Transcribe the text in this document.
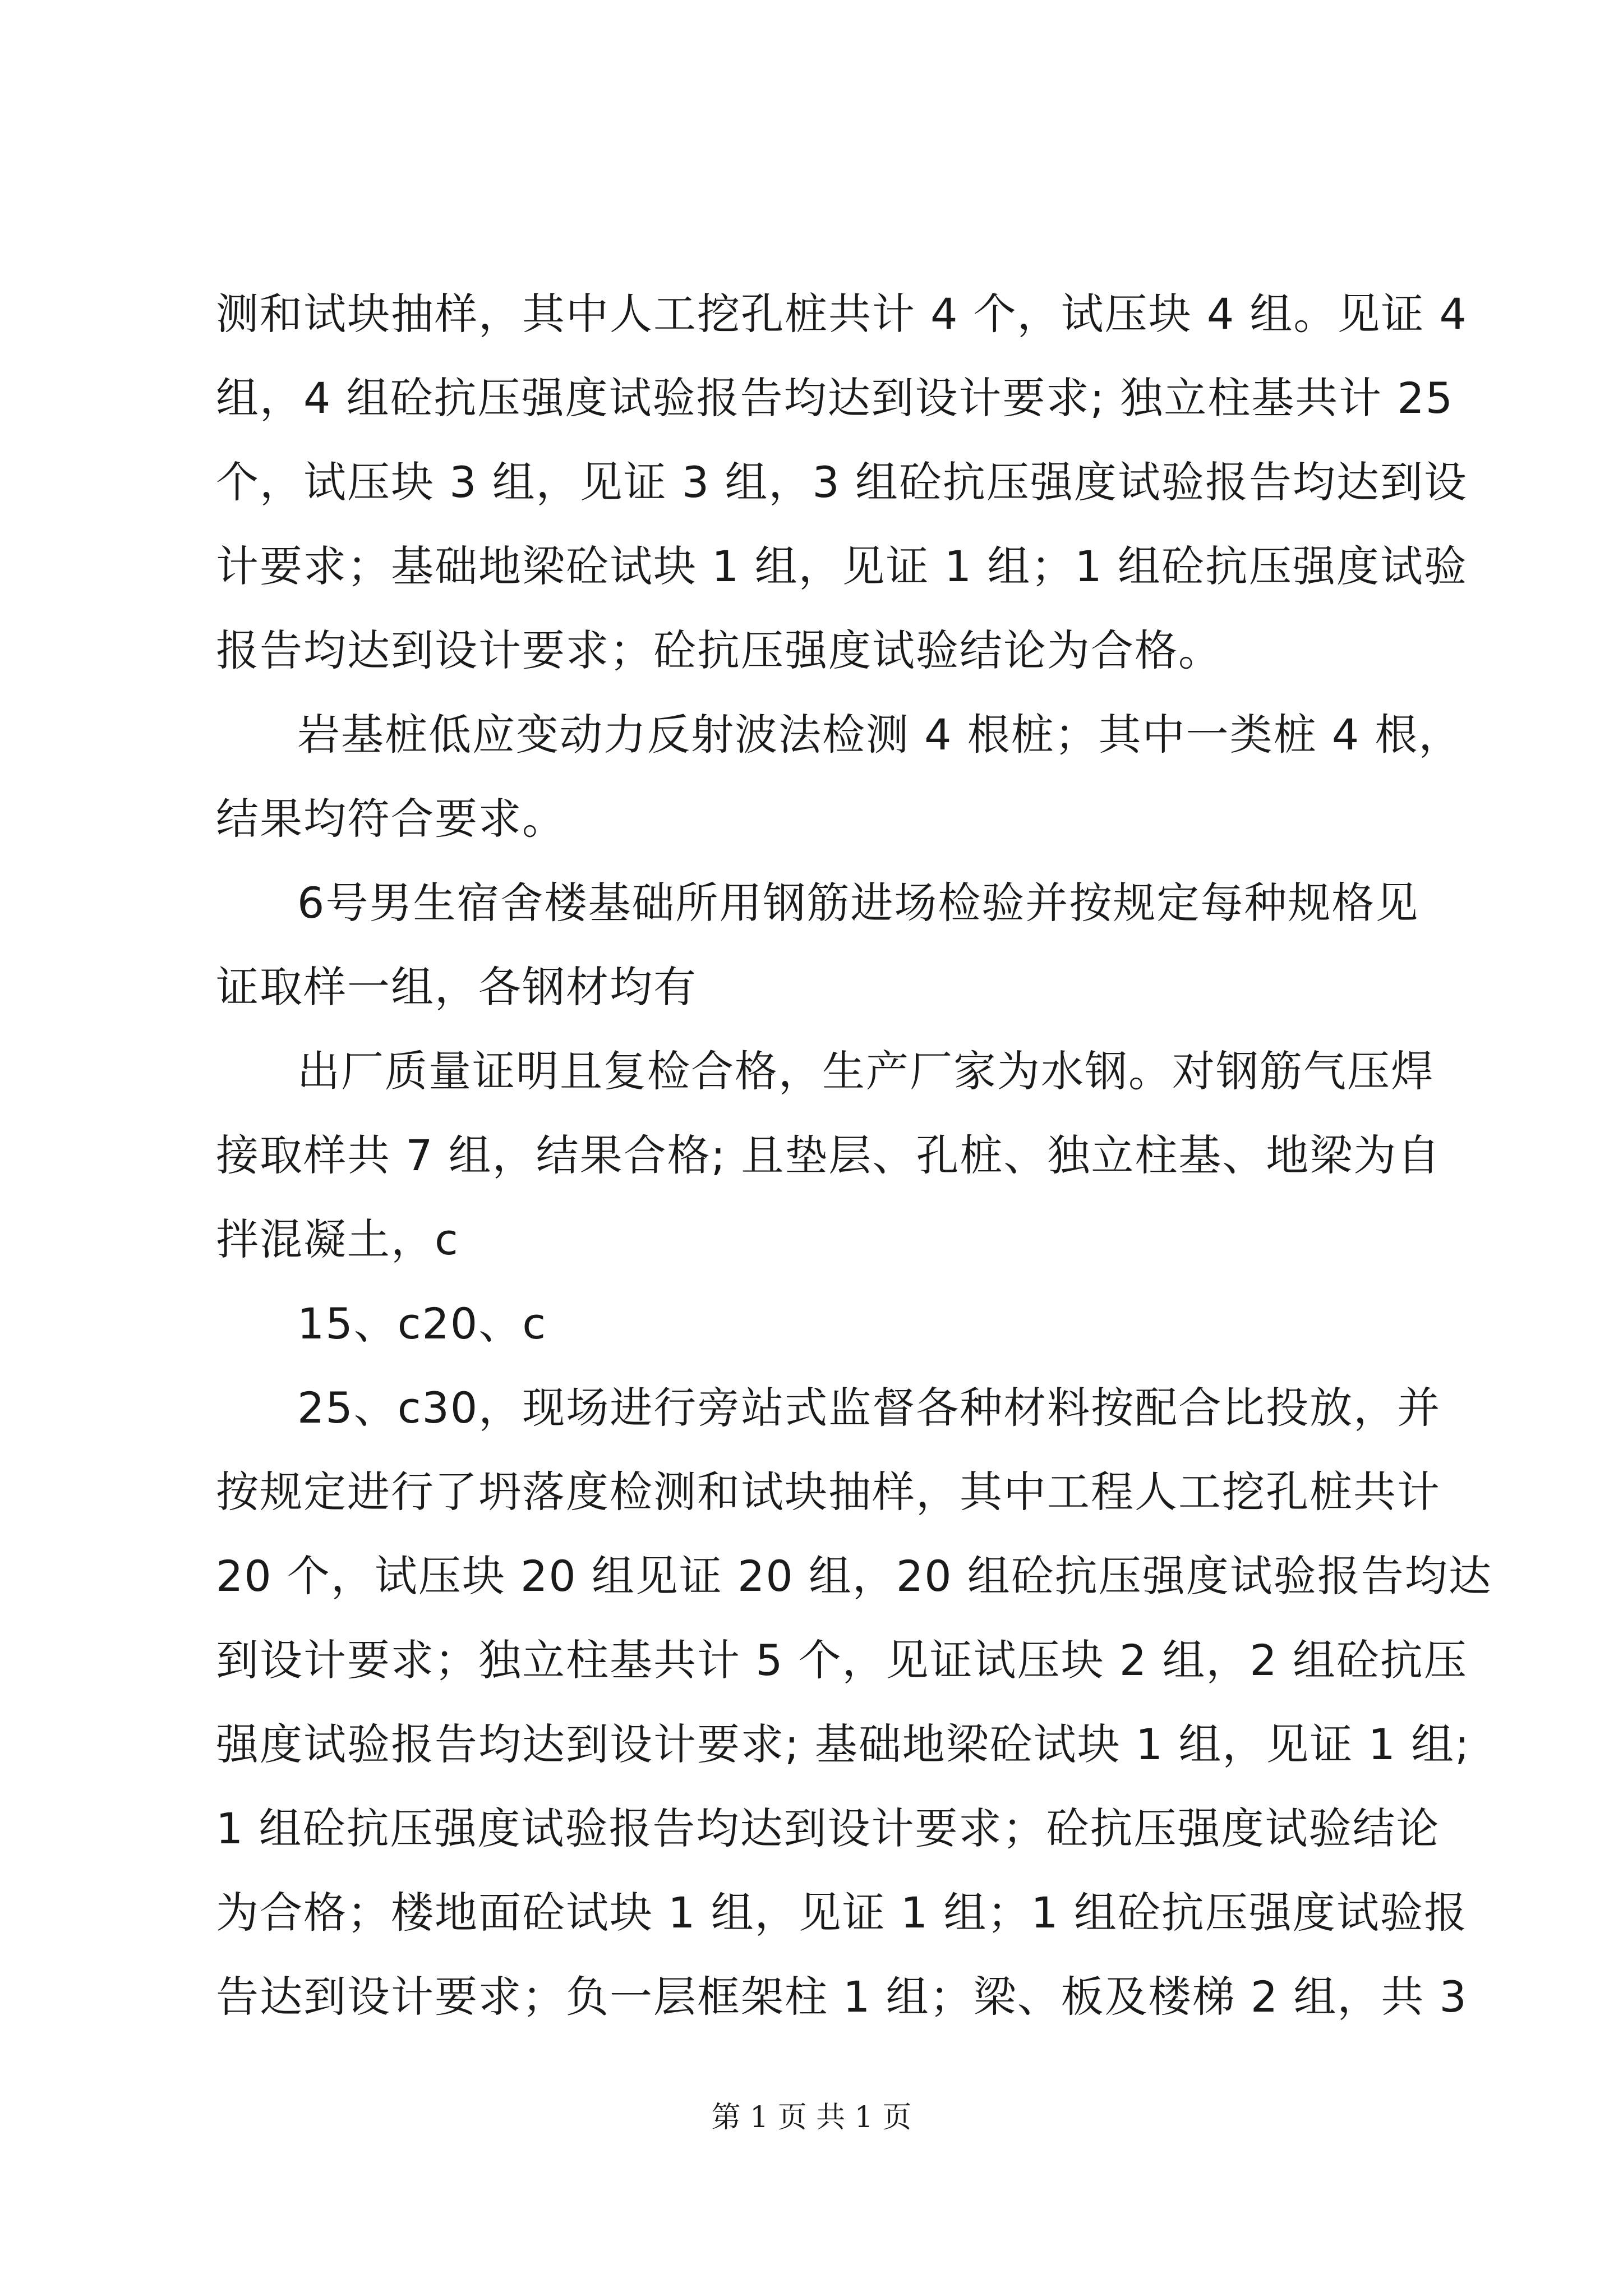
测和试块抽样，其中人工挖孔桩共计 4 个，试压块 4 组。见证 4
组，4 组砼抗压强度试验报告均达到设计要求; 独立柱基共计 25
个，试压块 3 组，见证 3 组，3 组砼抗压强度试验报告均达到设
计要求；基础地梁砼试块 1 组，见证 1 组；1 组砼抗压强度试验
报告均达到设计要求；砼抗压强度试验结论为合格。
岩基桩低应变动力反射波法检测 4 根桩；其中一类桩 4 根，
结果均符合要求。
6号男生宿舍楼基础所用钢筋进场检验并按规定每种规格见
证取样一组，各钢材均有
出厂质量证明且复检合格，生产厂家为水钢。对钢筋气压焊
接取样共 7 组，结果合格; 且垫层、孔桩、独立柱基、地梁为自
拌混凝土，c
15、c20、c
25、c30，现场进行旁站式监督各种材料按配合比投放，并
按规定进行了坍落度检测和试块抽样，其中工程人工挖孔桩共计
20 个，试压块 20 组见证 20 组，20 组砼抗压强度试验报告均达
到设计要求；独立柱基共计 5 个，见证试压块 2 组，2 组砼抗压
强度试验报告均达到设计要求; 基础地梁砼试块 1 组，见证 1 组;
1 组砼抗压强度试验报告均达到设计要求；砼抗压强度试验结论
为合格；楼地面砼试块 1 组，见证 1 组；1 组砼抗压强度试验报
告达到设计要求；负一层框架柱 1 组；梁、板及楼梯 2 组，共 3
第 1 页 共 1 页
